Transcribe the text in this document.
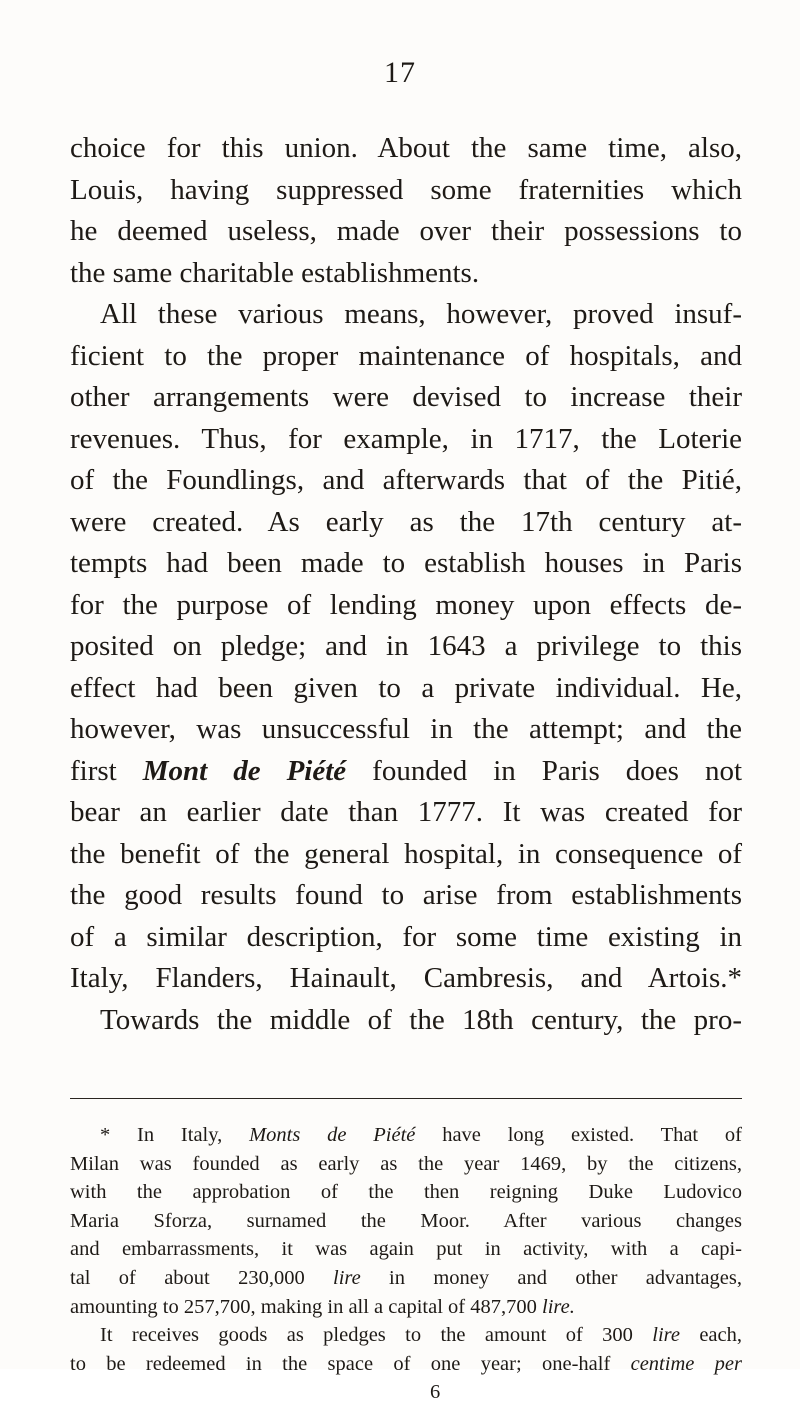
17
choice for this union. About the same time, also,
Louis, having suppressed some fraternities which
he deemed useless, made over their possessions to
the same charitable establishments.
All these various means, however, proved insuf-
ficient to the proper maintenance of hospitals, and
other arrangements were devised to increase their
revenues. Thus, for example, in 1717, the Loterie
of the Foundlings, and afterwards that of the Pitié,
were created. As early as the 17th century at-
tempts had been made to establish houses in Paris
for the purpose of lending money upon effects de-
posited on pledge; and in 1643 a privilege to this
effect had been given to a private individual. He,
however, was unsuccessful in the attempt; and the
first Mont de Piété founded in Paris does not
bear an earlier date than 1777. It was created for
the benefit of the general hospital, in consequence of
the good results found to arise from establishments
of a similar description, for some time existing in
Italy, Flanders, Hainault, Cambresis, and Artois.*
Towards the middle of the 18th century, the pro-
* In Italy, Monts de Piété have long existed. That of
Milan was founded as early as the year 1469, by the citizens,
with the approbation of the then reigning Duke Ludovico
Maria Sforza, surnamed the Moor. After various changes
and embarrassments, it was again put in activity, with a capi-
tal of about 230,000 lire in money and other advantages,
amounting to 257,700, making in all a capital of 487,700 lire.
It receives goods as pledges to the amount of 300 lire each,
to be redeemed in the space of one year; one-half centime per
6
